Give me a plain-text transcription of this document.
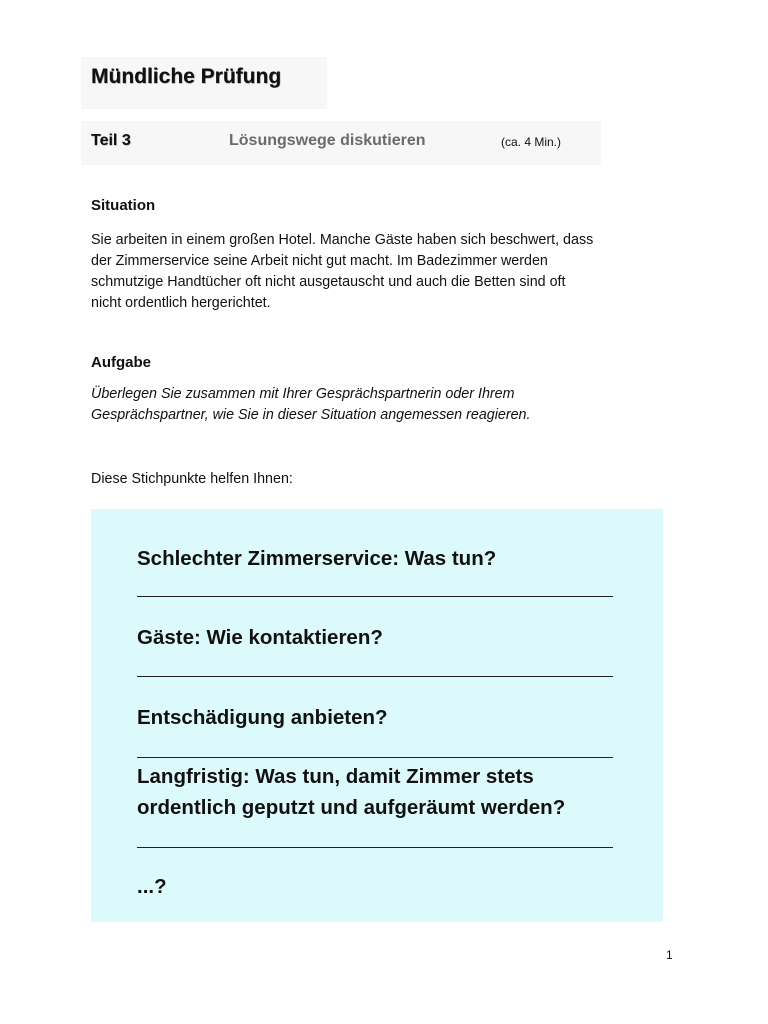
Mündliche Prüfung
Teil 3	Lösungswege diskutieren	(ca. 4 Min.)
Situation
Sie arbeiten in einem großen Hotel. Manche Gäste haben sich beschwert, dass
der Zimmerservice seine Arbeit nicht gut macht. Im Badezimmer werden
schmutzige Handtücher oft nicht ausgetauscht und auch die Betten sind oft
nicht ordentlich hergerichtet.
Aufgabe
Überlegen Sie zusammen mit Ihrer Gesprächspartnerin oder Ihrem
Gesprächspartner, wie Sie in dieser Situation angemessen reagieren.
Diese Stichpunkte helfen Ihnen:
Schlechter Zimmerservice: Was tun?
Gäste: Wie kontaktieren?
Entschädigung anbieten?
Langfristig: Was tun, damit Zimmer stets
ordentlich geputzt und aufgeräumt werden?
...?
1
